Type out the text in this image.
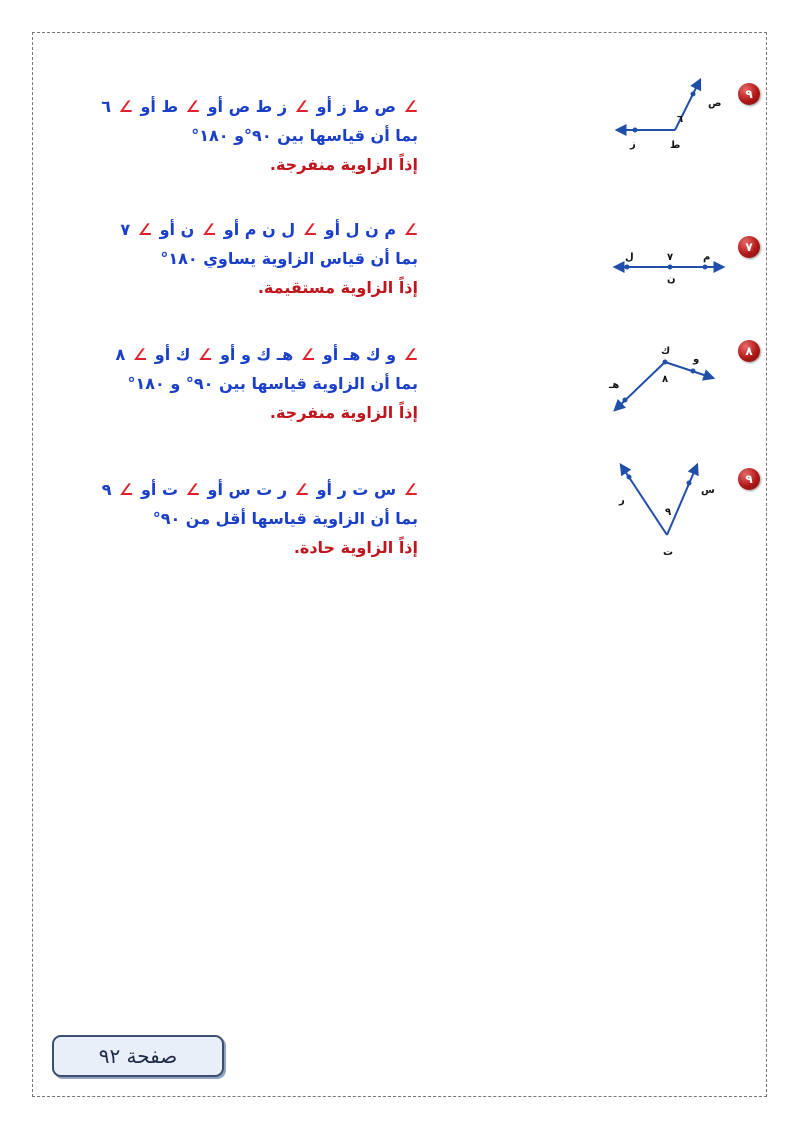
٩
ص
ط
ز
٦
∠ ص ط ز أو ∠ ز ط ص أو ∠ ط أو ∠ ٦
بما أن قياسها بين ٩٠°و ١٨٠°
إذاً الزاوية منفرجة.
٧
ل
ن
م
٧
∠ م ن ل أو ∠ ل ن م أو ∠ ن أو ∠ ٧
بما أن قياس الزاوية يساوي ١٨٠°
إذاً الزاوية مستقيمة.
٨
ك
و
هـ
٨
∠ و ك هـ أو ∠ هـ ك و أو ∠ ك أو ∠ ٨
بما أن الزاوية قياسها بين ٩٠° و ١٨٠°
إذاً الزاوية منفرجة.
٩
ر
س
ت
٩
∠ س ت ر أو ∠ ر ت س أو ∠ ت أو ∠ ٩
بما أن الزاوية قياسها أقل من ٩٠°
إذاً الزاوية حادة.
صفحة ٩٢
